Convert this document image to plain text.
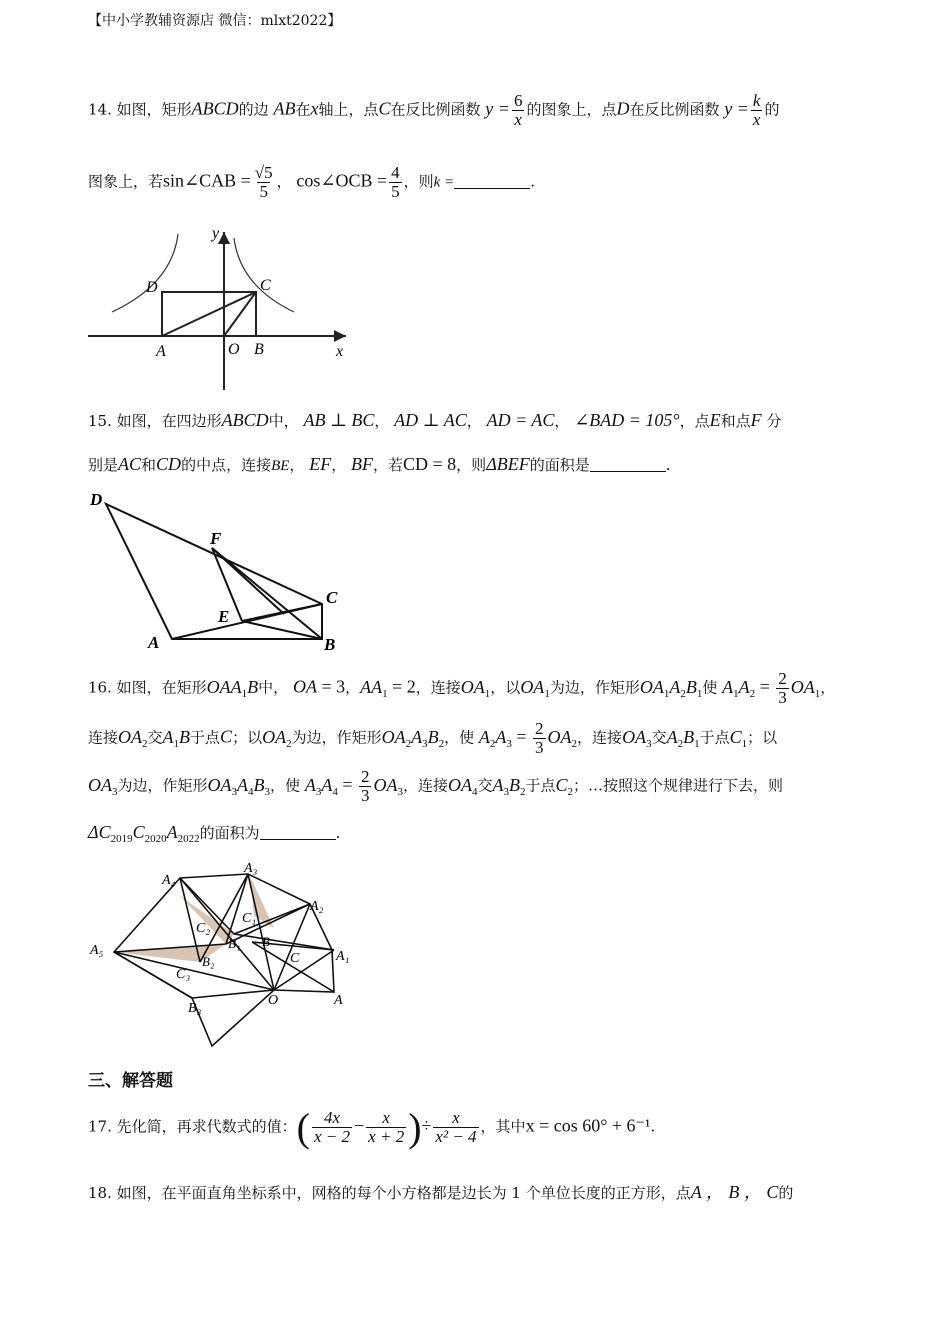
【中小学教辅资源店 微信：mlxt2022】
14. 如图，矩形ABCD的边 AB在x轴上，点C在反比例函数 $y = \frac{6}{x}$ 的图象上，点D在反比例函数 $y = \frac{k}{x}$ 的
图象上，若sin∠CAB = $\frac{√5}{5}$ ， cos∠OCB = $\frac{4}{5}$ ，则k =	.
y
x
D	C
A	O B
15. 如图，在四边形ABCD中， AB ⊥ BC， AD ⊥ AC， AD = AC， ∠BAD = 105°，点E和点F 分
别是AC和CD的中点，连接BE， EF， BF，若CD = 8，则ΔBEF的面积是	.
D
F
C
E
A	B
16. 如图，在矩形$OAA_1B$中， OA = 3，$AA_1 = 2$，连接$OA_1$，以$OA_1$为边，作矩形$OA_1A_2B_1$使 $A_1A_2 = \frac{2}{3} OA_1$，
连接$OA_2$交$A_1B$于点C；以$OA_2$为边，作矩形$OA_2A_3B_2$，使 $A_2A_3 = \frac{2}{3} OA_2$，连接$OA_3$交$A_2B_1$于点$C_1$；以
$OA_3$为边，作矩形$OA_3A_4B_3$，使 $A_3A_4 = \frac{2}{3} OA_3$，连接$OA_4$交$A_3B_2$于点$C_2$；…按照这个规律进行下去，则
$\Delta C_{2019}C_{2020}A_{2022}$的面积为	.
A₄
A₃
A₂
A₁
A₅
C₂
C₁
B₁ B
C
B₂
C₃
B₃
O	A
三、解答题
17. 先化简，再求代数式的值：( $\frac{4x}{x - 2} - \frac{x}{x + 2}$ )÷ $\frac{x}{\text{x² − 4}}$ ，其中x = cos 60° + 6⁻¹.
18. 如图，在平面直角坐标系中，网格的每个小方格都是边长为 1 个单位长度的正方形，点A ， B ， C的
